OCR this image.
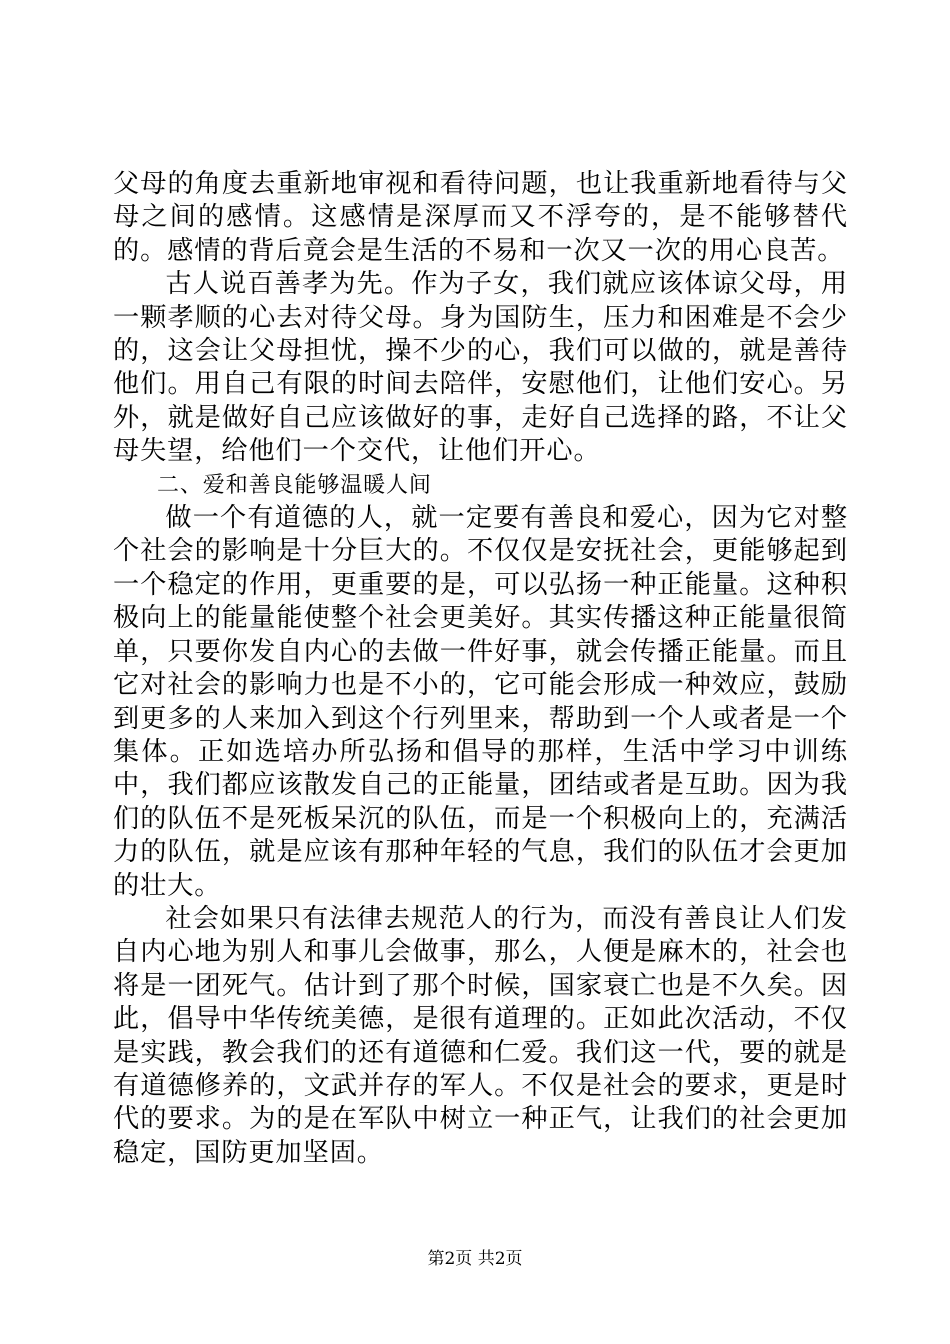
父母的角度去重新地审视和看待问题，也让我重新地看待与父母之间的感情。这感情是深厚而又不浮夸的，是不能够替代的。感情的背后竟会是生活的不易和一次又一次的用心良苦。

古人说百善孝为先。作为子女，我们就应该体谅父母，用一颗孝顺的心去对待父母。身为国防生，压力和困难是不会少的，这会让父母担忧，操不少的心，我们可以做的，就是善待他们。用自己有限的时间去陪伴，安慰他们，让他们安心。另外，就是做好自己应该做好的事，走好自己选择的路，不让父母失望，给他们一个交代，让他们开心。

二、爱和善良能够温暖人间

做一个有道德的人，就一定要有善良和爱心，因为它对整个社会的影响是十分巨大的。不仅仅是安抚社会，更能够起到一个稳定的作用，更重要的是，可以弘扬一种正能量。这种积极向上的能量能使整个社会更美好。其实传播这种正能量很简单，只要你发自内心的去做一件好事，就会传播正能量。而且它对社会的影响力也是不小的，它可能会形成一种效应，鼓励到更多的人来加入到这个行列里来，帮助到一个人或者是一个集体。正如选培办所弘扬和倡导的那样，生活中学习中训练中，我们都应该散发自己的正能量，团结或者是互助。因为我们的队伍不是死板呆沉的队伍，而是一个积极向上的，充满活力的队伍，就是应该有那种年轻的气息，我们的队伍才会更加的壮大。

社会如果只有法律去规范人的行为，而没有善良让人们发自内心地为别人和事儿会做事，那么，人便是麻木的，社会也将是一团死气。估计到了那个时候，国家衰亡也是不久矣。因此，倡导中华传统美德，是很有道理的。正如此次活动，不仅是实践，教会我们的还有道德和仁爱。我们这一代，要的就是有道德修养的，文武并存的军人。不仅是社会的要求，更是时代的要求。为的是在军队中树立一种正气，让我们的社会更加稳定，国防更加坚固。

第2页 共2页
